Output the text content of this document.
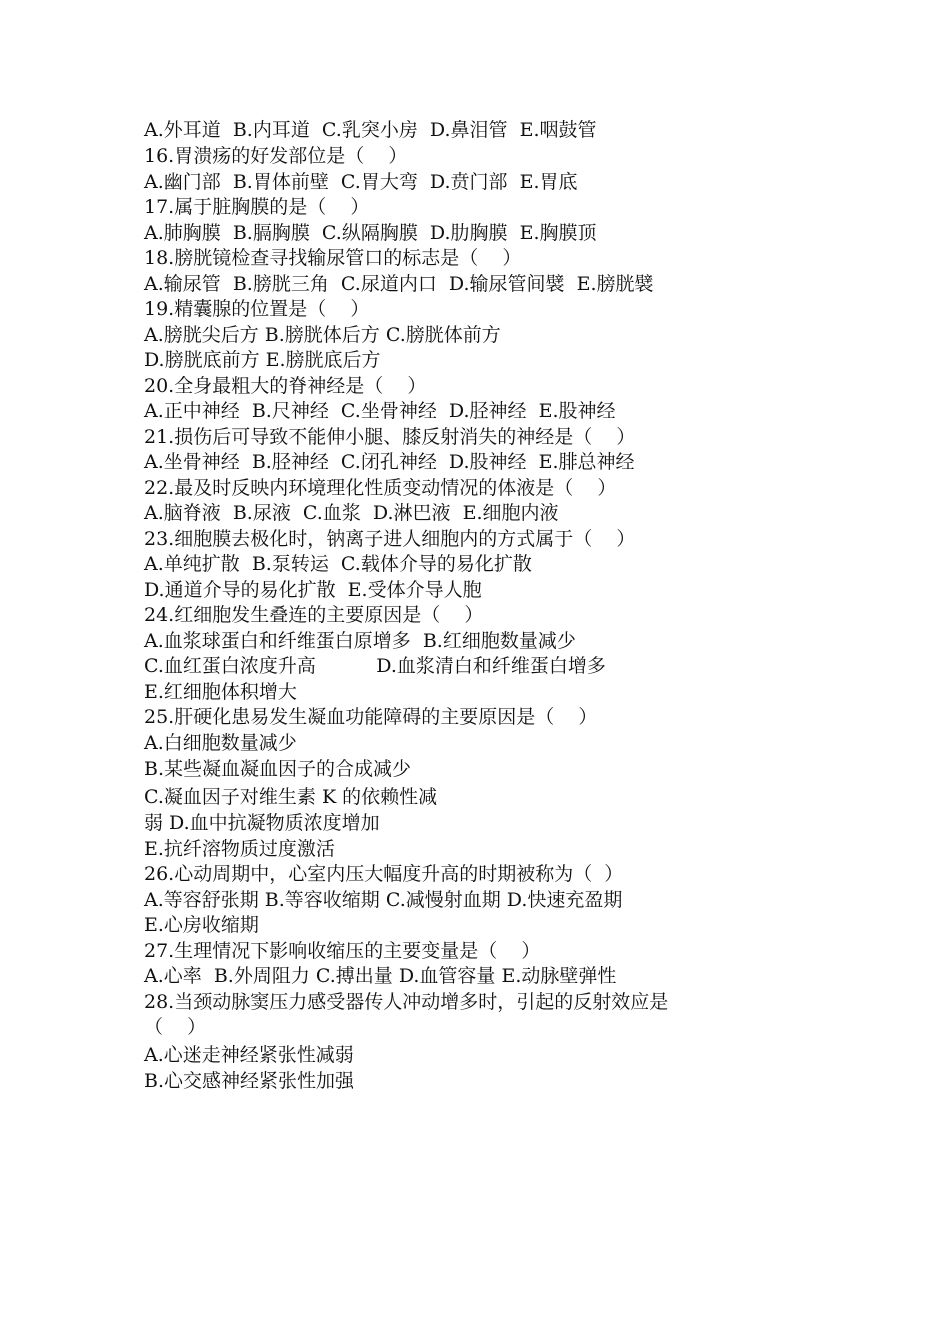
A.外耳道  B.内耳道  C.乳突小房  D.鼻泪管  E.咽鼓管

16.胃溃疡的好发部位是（    ）

A.幽门部  B.胃体前壁  C.胃大弯  D.贲门部  E.胃底

17.属于脏胸膜的是（    ）

A.肺胸膜  B.膈胸膜  C.纵隔胸膜  D.肋胸膜  E.胸膜顶

18.膀胱镜检查寻找输尿管口的标志是（    ）

A.输尿管  B.膀胱三角  C.尿道内口  D.输尿管间襞  E.膀胱襞

19.精囊腺的位置是（    ）

A.膀胱尖后方 B.膀胱体后方 C.膀胱体前方

D.膀胱底前方 E.膀胱底后方

20.全身最粗大的脊神经是（    ）

A.正中神经  B.尺神经  C.坐骨神经  D.胫神经  E.股神经

21.损伤后可导致不能伸小腿、膝反射消失的神经是（    ）

A.坐骨神经  B.胫神经  C.闭孔神经  D.股神经  E.腓总神经

22.最及时反映内环境理化性质变动情况的体液是（    ）

A.脑脊液  B.尿液  C.血浆  D.淋巴液  E.细胞内液

23.细胞膜去极化时，钠离子进人细胞内的方式属于（    ）

A.单纯扩散  B.泵转运  C.载体介导的易化扩散

D.通道介导的易化扩散  E.受体介导人胞

24.红细胞发生叠连的主要原因是（    ）

A.血浆球蛋白和纤维蛋白原增多  B.红细胞数量减少

C.血红蛋白浓度升高          D.血浆清白和纤维蛋白增多

E.红细胞体积增大

25.肝硬化患易发生凝血功能障碍的主要原因是（    ）

A.白细胞数量减少

B.某些凝血凝血因子的合成减少

C.凝血因子对维生素 K 的依赖性减

弱 D.血中抗凝物质浓度增加

E.抗纤溶物质过度激活

26.心动周期中，心室内压大幅度升高的时期被称为（  ）

A.等容舒张期 B.等容收缩期 C.减慢射血期 D.快速充盈期

E.心房收缩期

27.生理情况下影响收缩压的主要变量是（    ）

A.心率  B.外周阻力 C.搏出量 D.血管容量 E.动脉壁弹性

28.当颈动脉窦压力感受器传人冲动增多时，引起的反射效应是

（    ）

A.心迷走神经紧张性减弱

B.心交感神经紧张性加强
